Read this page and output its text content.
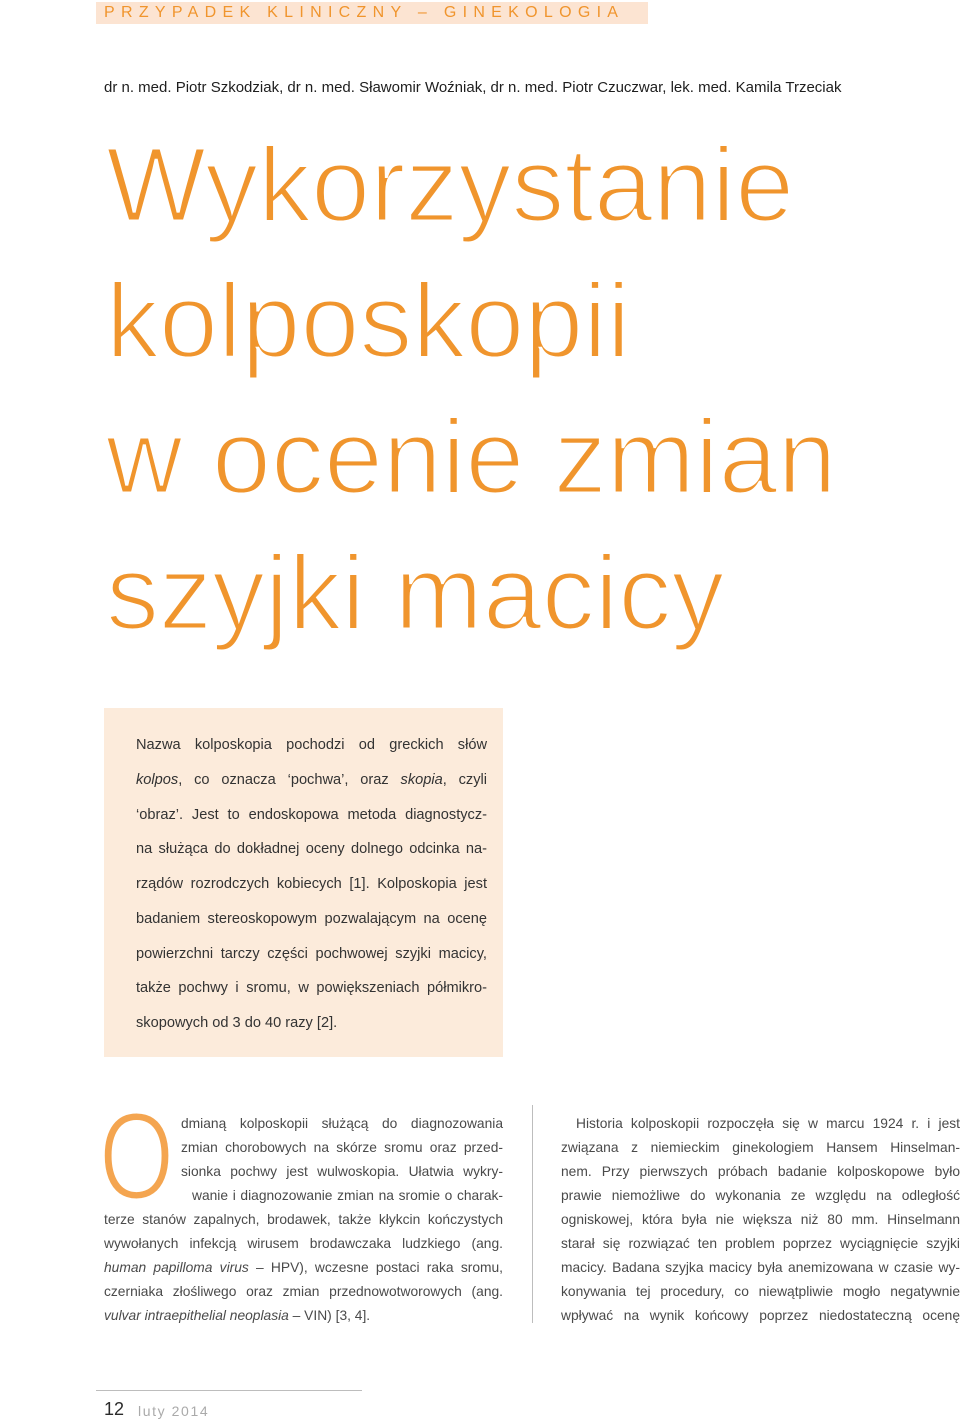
PRZYPADEK KLINICZNY – GINEKOLOGIA
dr n. med. Piotr Szkodziak, dr n. med. Sławomir Woźniak, dr n. med. Piotr Czuczwar, lek. med. Kamila Trzeciak
Wykorzystanie
kolposkopii
w ocenie zmian
szyjki macicy
Nazwa kolposkopia pochodzi od greckich słów
kolpos, co oznacza ‘pochwa’, oraz skopia, czyli
‘obraz’. Jest to endoskopowa metoda diagnostycz-
na służąca do dokładnej oceny dolnego odcinka na-
rządów rozrodczych kobiecych [1]. Kolposkopia jest
badaniem stereoskopowym pozwalającym na ocenę
powierzchni tarczy części pochwowej szyjki macicy,
także pochwy i sromu, w powiększeniach półmikro-
skopowych od 3 do 40 razy [2].
O dmianą kolposkopii służącą do diagnozowania
zmian chorobowych na skórze sromu oraz przed-
sionka pochwy jest wulwoskopia. Ułatwia wykry-
wanie i diagnozowanie zmian na sromie o charak-
terze stanów zapalnych, brodawek, także kłykcin kończystych
wywołanych infekcją wirusem brodawczaka ludzkiego (ang.
human papilloma virus – HPV), wczesne postaci raka sromu,
czerniaka złośliwego oraz zmian przednowotworowych (ang.
vulvar intraepithelial neoplasia – VIN) [3, 4].
Historia kolposkopii rozpoczęła się w marcu 1924 r. i jest
związana z niemieckim ginekologiem Hansem Hinselman-
nem. Przy pierwszych próbach badanie kolposkopowe było
prawie niemożliwe do wykonania ze względu na odległość
ogniskowej, która była nie większa niż 80 mm. Hinselmann
starał się rozwiązać ten problem poprzez wyciągnięcie szyjki
macicy. Badana szyjka macicy była anemizowana w czasie wy-
konywania tej procedury, co niewątpliwie mogło negatywnie
wpływać na wynik końcowy poprzez niedostateczną ocenę
12 luty 2014
